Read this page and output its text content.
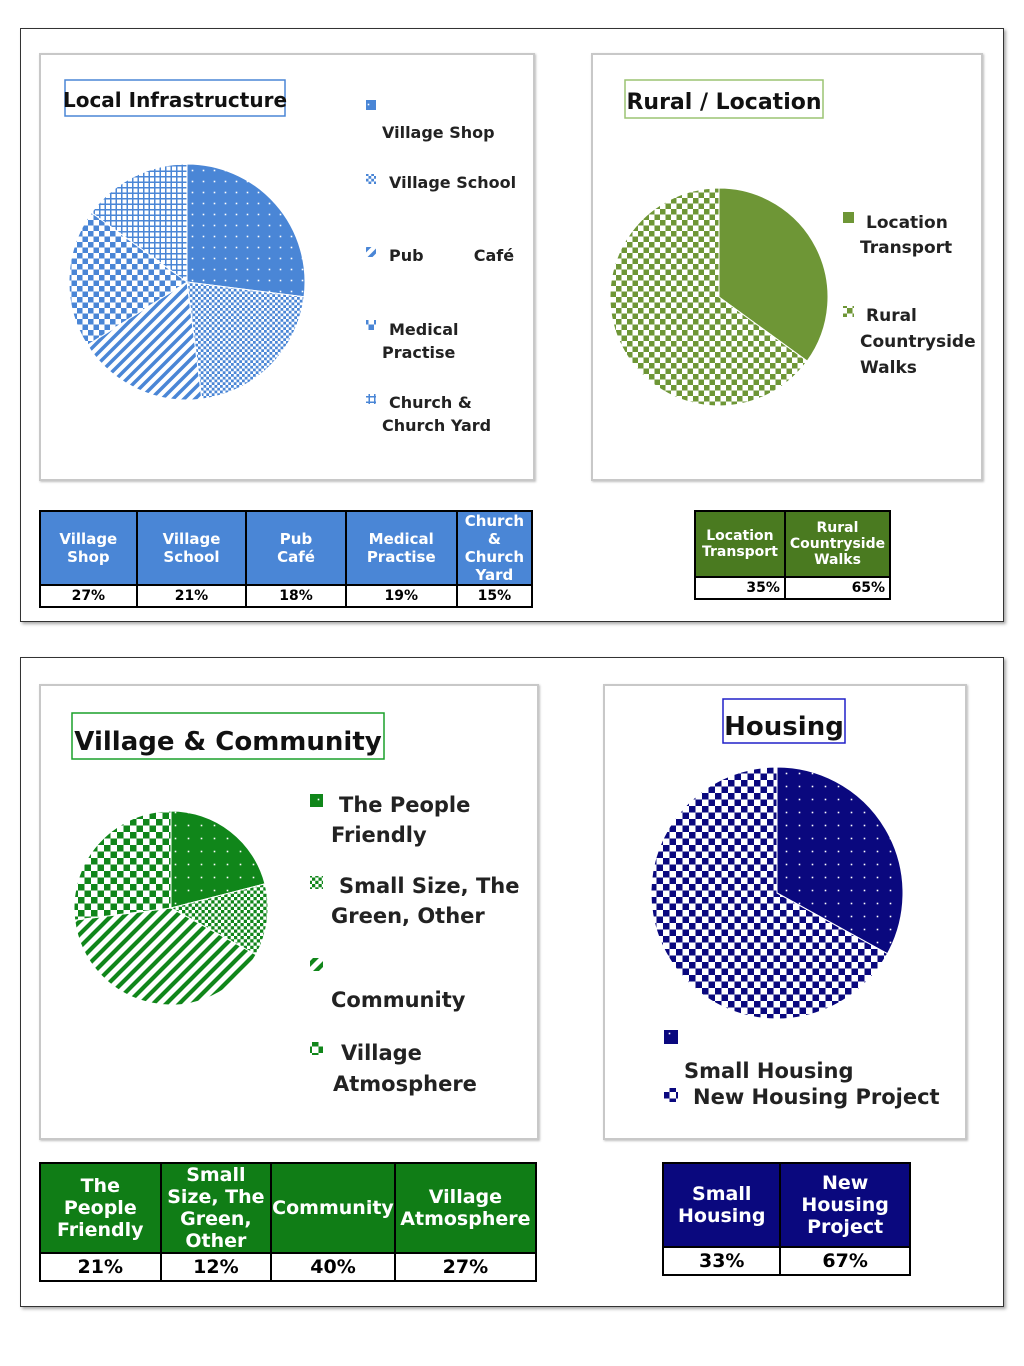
Local Infrastructure
Village Shop
Village School
Pub         Café
Medical
Practise
Church &
Church Yard
Rural / Location
Location
Transport
Rural
Countryside
Walks
Village & Community
The People
Friendly
Small Size, The
Green, Other
Community
Village
Atmosphere
Housing
Small Housing
New Housing Project
Village Shop	Village School	Pub Café	Medical Practise	Church & Church Yard
27%	21%	18%	19%	15%
Location Transport	Rural Countryside Walks
35%	65%
The People Friendly	Small Size, The Green, Other	Community	Village Atmosphere
21%	12%	40%	27%
Small Housing	New Housing Project
33%	67%
